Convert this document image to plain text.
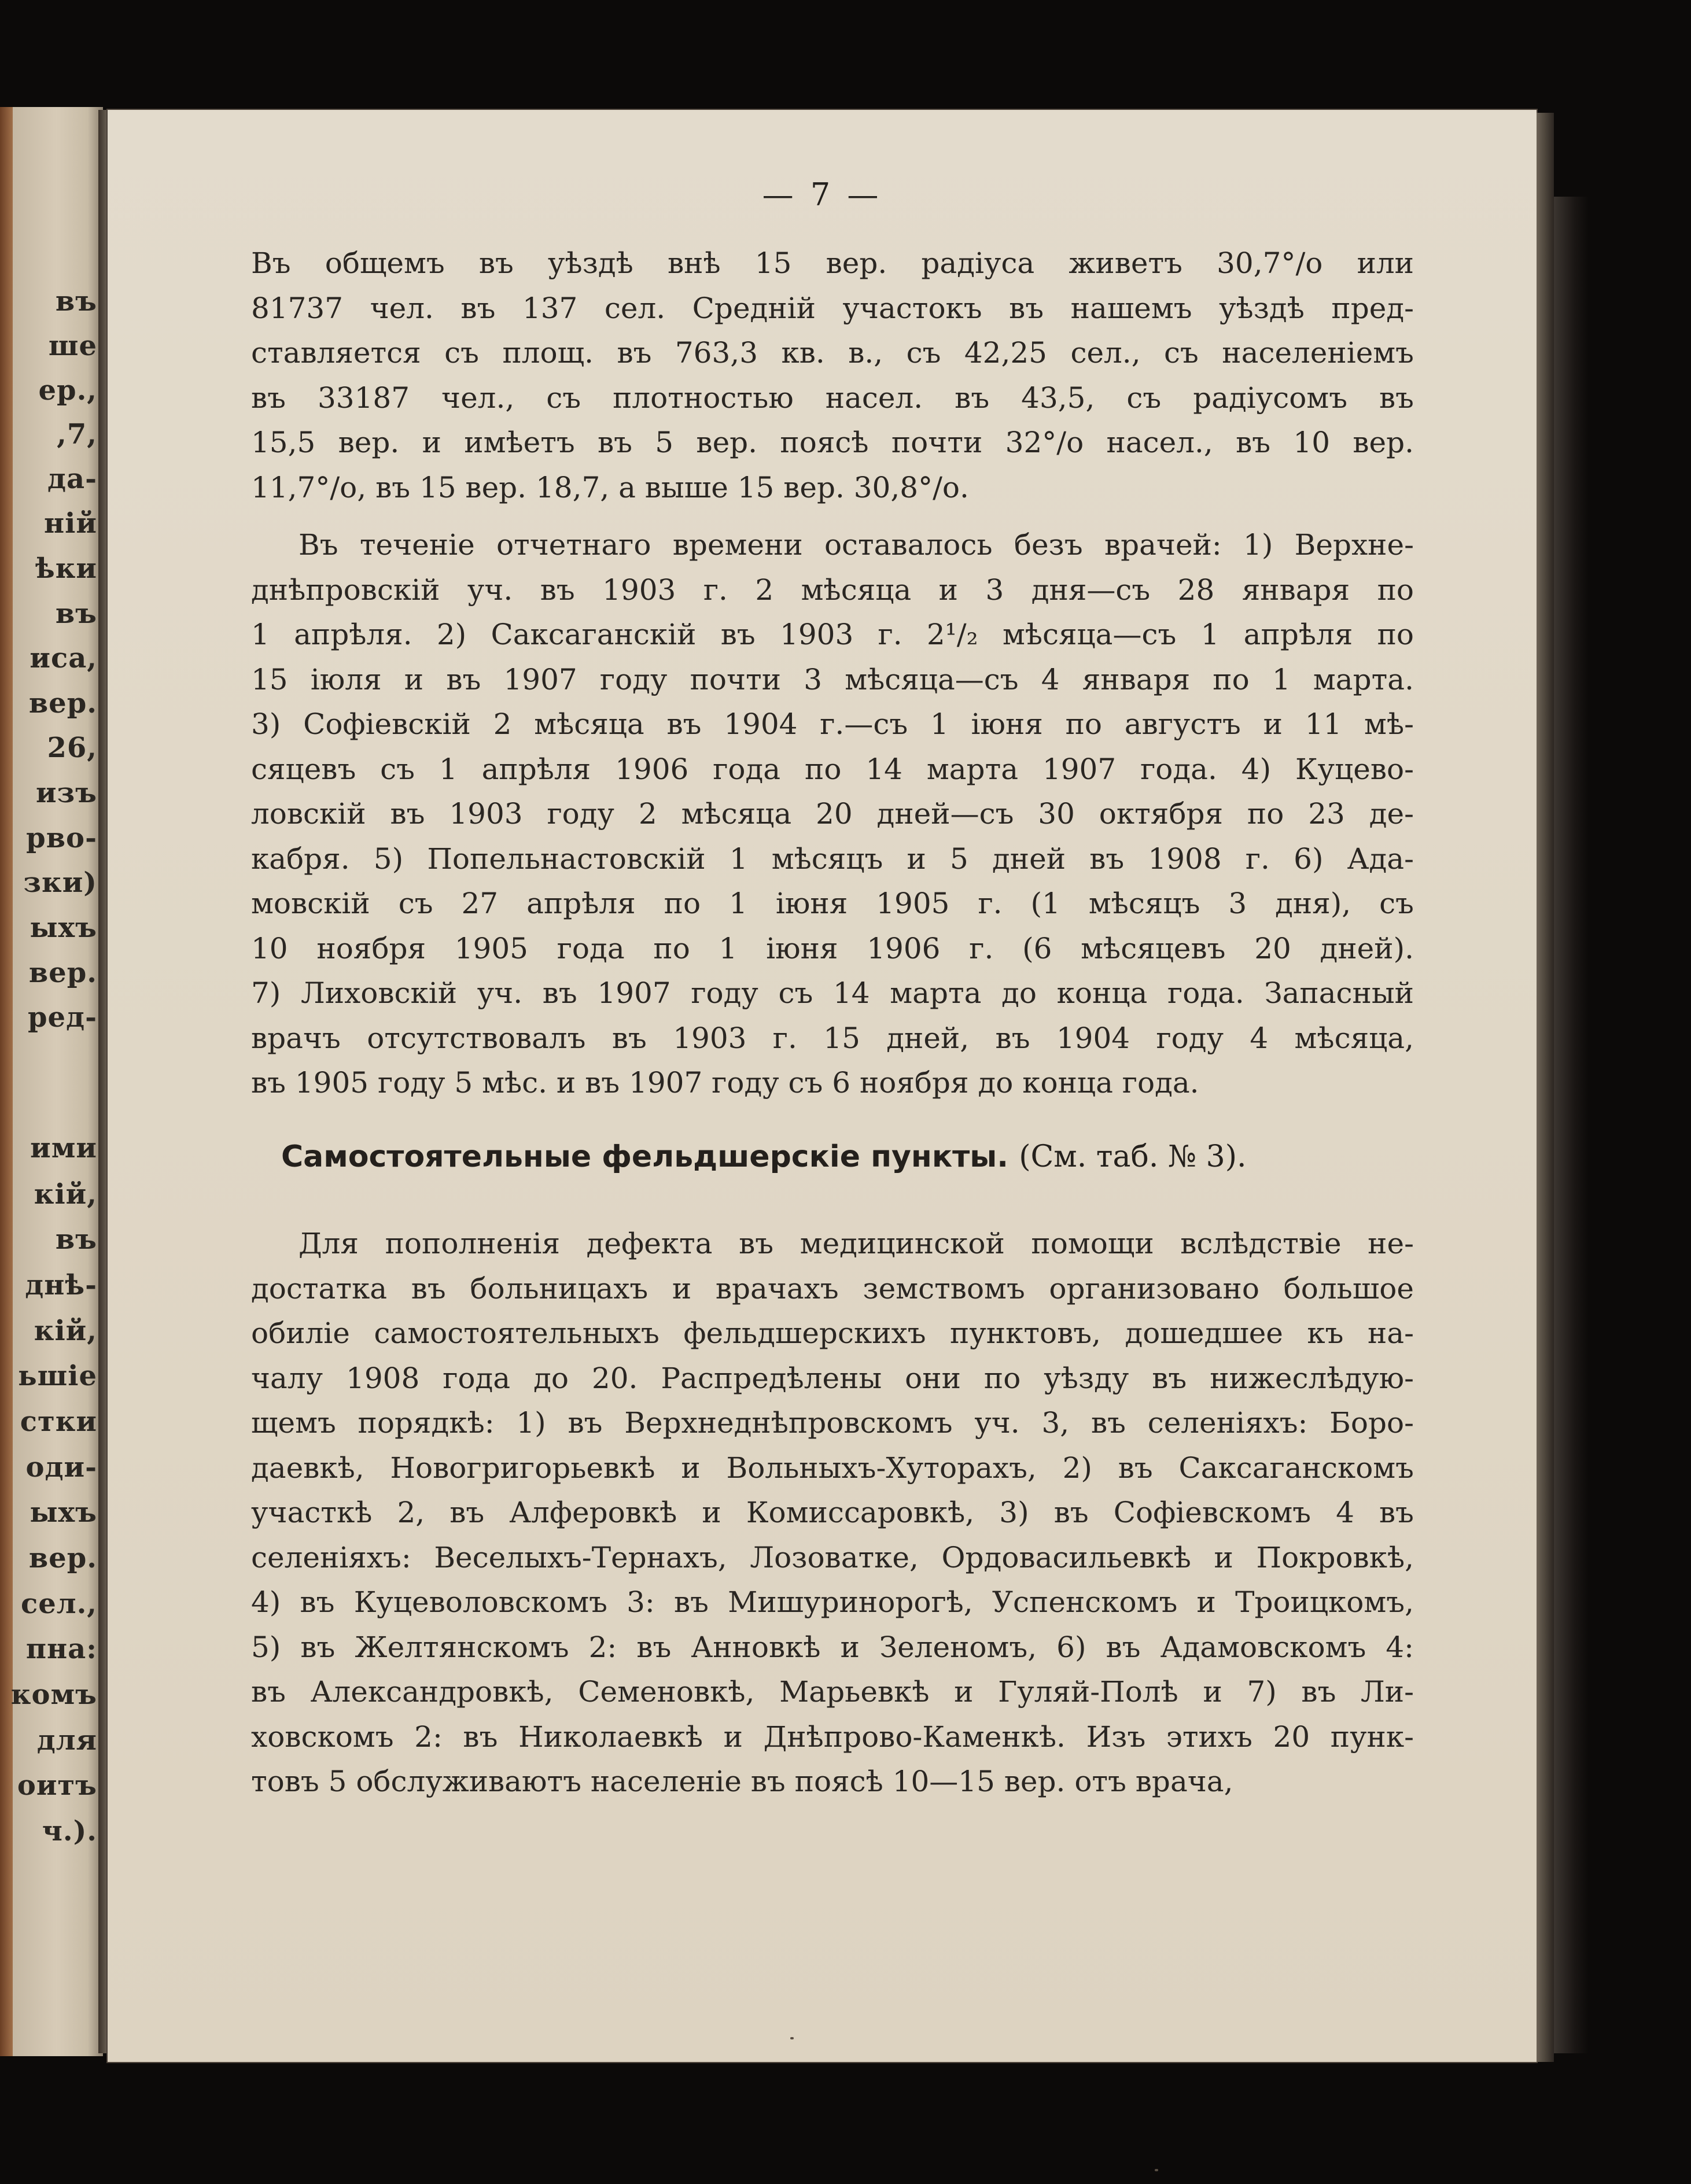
въ
ше
ер.,
,7,
да-
ній
ѣки
въ
иса,
вер.
26,
изъ
рво-
зки)
ыхъ
вер.
ред-
ими
кій,
въ
днѣ-
кій,
ьшіе
стки
оди-
ыхъ
вер.
сел.,
пна:
комъ
для
оитъ
ч.).
— 7 —
Въ общемъ въ уѣздѣ внѣ 15 вер. радіуса живетъ 30,7°/о или
81737 чел. въ 137 сел. Средній участокъ въ нашемъ уѣздѣ пред-
ставляется съ площ. въ 763,3 кв. в., съ 42,25 сел., съ населеніемъ
въ 33187 чел., съ плотностью насел. въ 43,5, съ радіусомъ въ
15,5 вер. и имѣетъ въ 5 вер. поясѣ почти 32°/о насел., въ 10 вер.
11,7°/о, въ 15 вер. 18,7, а выше 15 вер. 30,8°/о.
Въ теченіе отчетнаго времени оставалось безъ врачей: 1) Верхне-
днѣпровскій уч. въ 1903 г. 2 мѣсяца и 3 дня—съ 28 января по
1 апрѣля. 2) Саксаганскій въ 1903 г. 2¹/₂ мѣсяца—съ 1 апрѣля по
15 іюля и въ 1907 году почти 3 мѣсяца—съ 4 января по 1 марта.
3) Софіевскій 2 мѣсяца въ 1904 г.—съ 1 іюня по августъ и 11 мѣ-
сяцевъ съ 1 апрѣля 1906 года по 14 марта 1907 года. 4) Куцево-
ловскій въ 1903 году 2 мѣсяца 20 дней—съ 30 октября по 23 де-
кабря. 5) Попельнастовскій 1 мѣсяцъ и 5 дней въ 1908 г. 6) Ада-
мовскій съ 27 апрѣля по 1 іюня 1905 г. (1 мѣсяцъ 3 дня), съ
10 ноября 1905 года по 1 іюня 1906 г. (6 мѣсяцевъ 20 дней).
7) Лиховскій уч. въ 1907 году съ 14 марта до конца года. Запасный
врачъ отсутствовалъ въ 1903 г. 15 дней, въ 1904 году 4 мѣсяца,
въ 1905 году 5 мѣс. и въ 1907 году съ 6 ноября до конца года.
Самостоятельные фельдшерскіе пункты. (См. таб. № 3).
Для пополненія дефекта въ медицинской помощи вслѣдствіе не-
достатка въ больницахъ и врачахъ земствомъ организовано большое
обиліе самостоятельныхъ фельдшерскихъ пунктовъ, дошедшее къ на-
чалу 1908 года до 20. Распредѣлены они по уѣзду въ нижеслѣдую-
щемъ порядкѣ: 1) въ Верхнеднѣпровскомъ уч. 3, въ селеніяхъ: Боро-
даевкѣ, Новогригорьевкѣ и Вольныхъ-Хуторахъ, 2) въ Саксаганскомъ
участкѣ 2, въ Алферовкѣ и Комиссаровкѣ, 3) въ Софіевскомъ 4 въ
селеніяхъ: Веселыхъ-Тернахъ, Лозоватке, Ордовасильевкѣ и Покровкѣ,
4) въ Куцеволовскомъ 3: въ Мишуринорогѣ, Успенскомъ и Троицкомъ,
5) въ Желтянскомъ 2: въ Анновкѣ и Зеленомъ, 6) въ Адамовскомъ 4:
въ Александровкѣ, Семеновкѣ, Марьевкѣ и Гуляй-Полѣ и 7) въ Ли-
ховскомъ 2: въ Николаевкѣ и Днѣпрово-Каменкѣ. Изъ этихъ 20 пунк-
товъ 5 обслуживаютъ населеніе въ поясѣ 10—15 вер. отъ врача,
